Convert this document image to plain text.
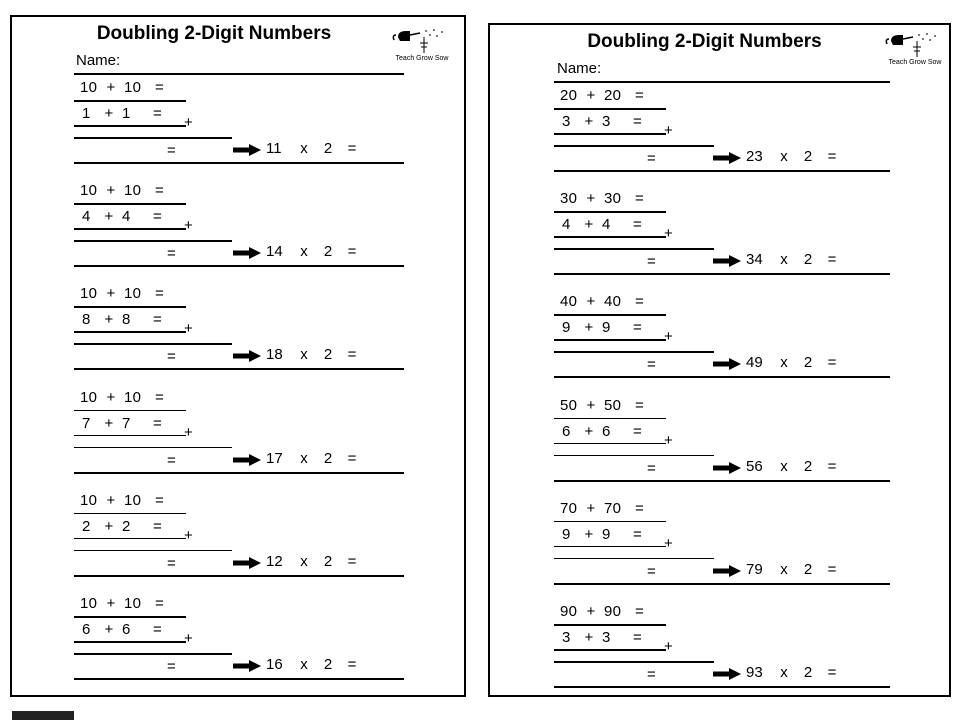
Doubling 2-Digit Numbers
Teach Grow Sow
Name:
10 + 10 =
1 + 1 =
+
=	11 x 2 =
10 + 10 =
4 + 4 =
+
=	14 x 2 =
10 + 10 =
8 + 8 =
+
=	18 x 2 =
10 + 10 =
7 + 7 =
+
=	17 x 2 =
10 + 10 =
2 + 2 =
+
=	12 x 2 =
10 + 10 =
6 + 6 =
+
=	16 x 2 =
Doubling 2-Digit Numbers
Teach Grow Sow
Name:
20 + 20 =
3 + 3 =
+
=	23 x 2 =
30 + 30 =
4 + 4 =
+
=	34 x 2 =
40 + 40 =
9 + 9 =
+
=	49 x 2 =
50 + 50 =
6 + 6 =
+
=	56 x 2 =
70 + 70 =
9 + 9 =
+
=	79 x 2 =
90 + 90 =
3 + 3 =
+
=	93 x 2 =
